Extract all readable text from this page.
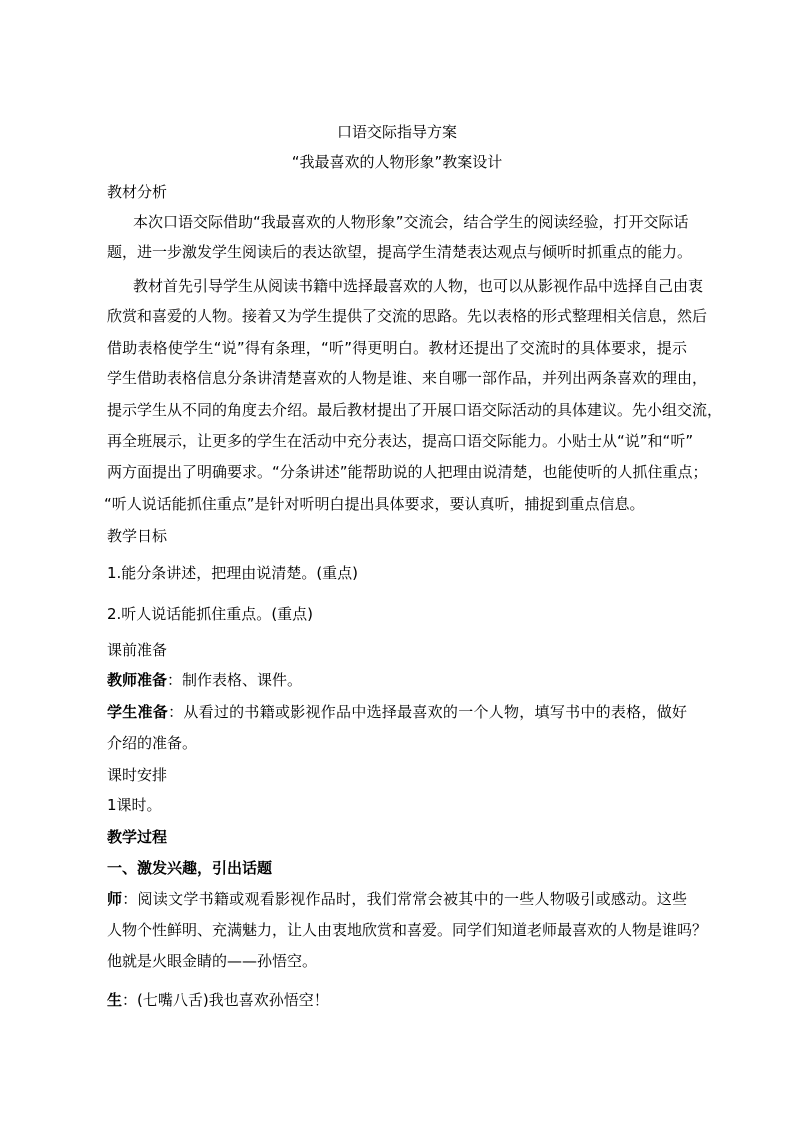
口语交际指导方案
“我最喜欢的人物形象”教案设计
教材分析
本次口语交际借助“我最喜欢的人物形象”交流会，结合学生的阅读经验，打开交际话
题，进一步激发学生阅读后的表达欲望，提高学生清楚表达观点与倾听时抓重点的能力。
教材首先引导学生从阅读书籍中选择最喜欢的人物，也可以从影视作品中选择自己由衷
欣赏和喜爱的人物。接着又为学生提供了交流的思路。先以表格的形式整理相关信息，然后
借助表格使学生“说”得有条理，“听”得更明白。教材还提出了交流时的具体要求，提示
学生借助表格信息分条讲清楚喜欢的人物是谁、来自哪一部作品，并列出两条喜欢的理由，
提示学生从不同的角度去介绍。最后教材提出了开展口语交际活动的具体建议。先小组交流，
再全班展示，让更多的学生在活动中充分表达，提高口语交际能力。小贴士从“说”和“听”
两方面提出了明确要求。“分条讲述”能帮助说的人把理由说清楚，也能使听的人抓住重点；
“听人说话能抓住重点”是针对听明白提出具体要求，要认真听，捕捉到重点信息。
教学日标
1.能分条讲述，把理由说清楚。(重点)
2.听人说话能抓住重点。(重点)
课前准备
教师准备：制作表格、课件。
学生准备：从看过的书籍或影视作品中选择最喜欢的一个人物，填写书中的表格，做好
介绍的准备。
课时安排
1课时。
教学过程
一、激发兴趣，引出话题
师：阅读文学书籍或观看影视作品时，我们常常会被其中的一些人物吸引或感动。这些
人物个性鲜明、充满魅力，让人由衷地欣赏和喜爱。同学们知道老师最喜欢的人物是谁吗？
他就是火眼金睛的——孙悟空。
生：(七嘴八舌)我也喜欢孙悟空！
